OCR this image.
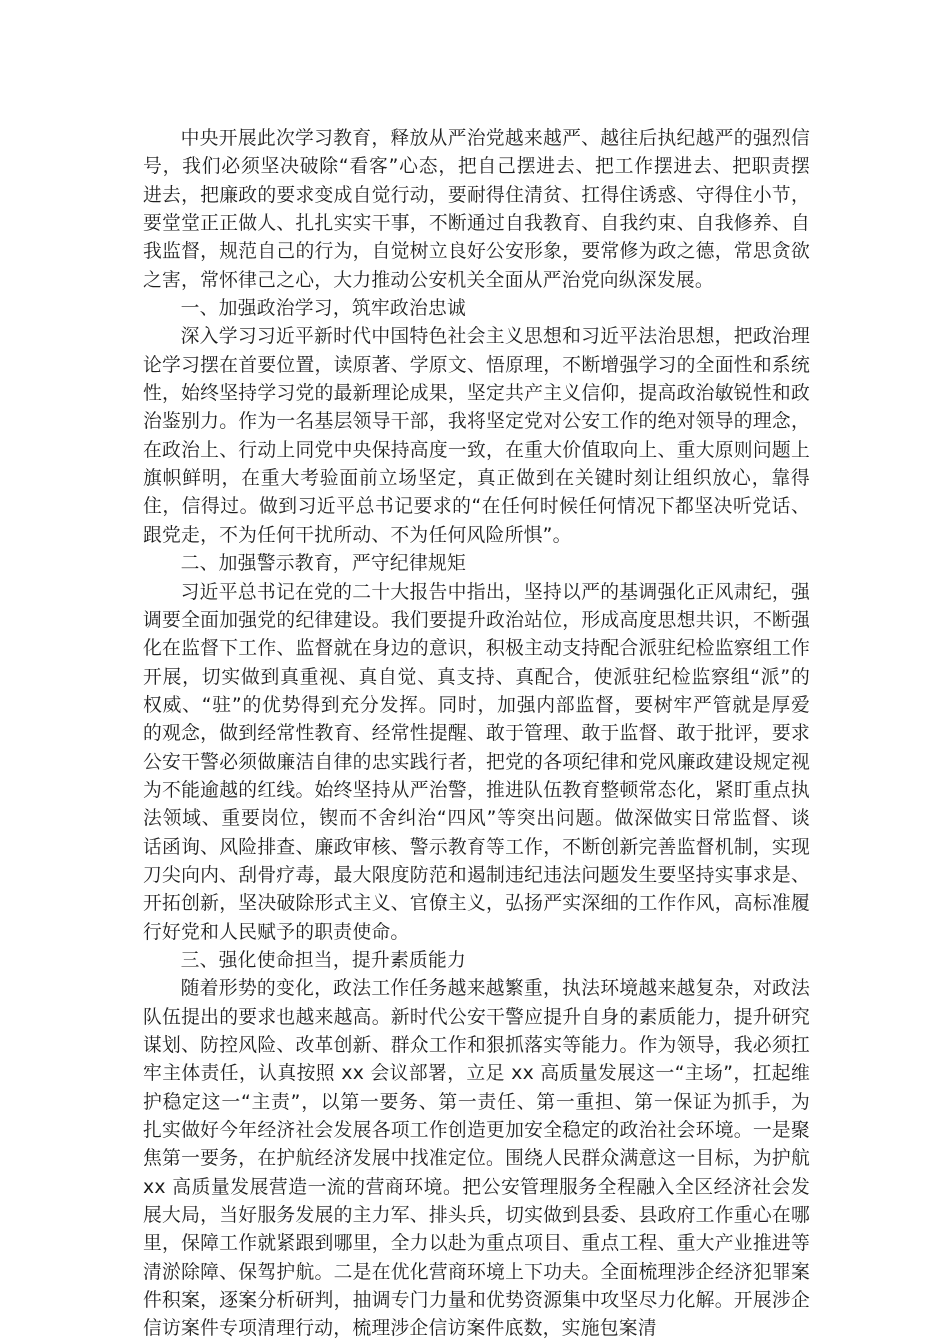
中央开展此次学习教育，释放从严治党越来越严、越往后执纪越严的强烈信号，我们必须坚决破除“看客”心态，把自己摆进去、把工作摆进去、把职责摆进去，把廉政的要求变成自觉行动，要耐得住清贫、扛得住诱惑、守得住小节，要堂堂正正做人、扎扎实实干事，不断通过自我教育、自我约束、自我修养、自我监督，规范自己的行为，自觉树立良好公安形象，要常修为政之德，常思贪欲之害，常怀律己之心，大力推动公安机关全面从严治党向纵深发展。

一、加强政治学习，筑牢政治忠诚

深入学习习近平新时代中国特色社会主义思想和习近平法治思想，把政治理论学习摆在首要位置，读原著、学原文、悟原理，不断增强学习的全面性和系统性，始终坚持学习党的最新理论成果，坚定共产主义信仰，提高政治敏锐性和政治鉴别力。作为一名基层领导干部，我将坚定党对公安工作的绝对领导的理念，在政治上、行动上同党中央保持高度一致，在重大价值取向上、重大原则问题上旗帜鲜明，在重大考验面前立场坚定，真正做到在关键时刻让组织放心，靠得住，信得过。做到习近平总书记要求的“在任何时候任何情况下都坚决听党话、跟党走，不为任何干扰所动、不为任何风险所惧”。

二、加强警示教育，严守纪律规矩

习近平总书记在党的二十大报告中指出，坚持以严的基调强化正风肃纪，强调要全面加强党的纪律建设。我们要提升政治站位，形成高度思想共识，不断强化在监督下工作、监督就在身边的意识，积极主动支持配合派驻纪检监察组工作开展，切实做到真重视、真自觉、真支持、真配合，使派驻纪检监察组“派”的权威、“驻”的优势得到充分发挥。同时，加强内部监督，要树牢严管就是厚爱的观念，做到经常性教育、经常性提醒、敢于管理、敢于监督、敢于批评，要求公安干警必须做廉洁自律的忠实践行者，把党的各项纪律和党风廉政建设规定视为不能逾越的红线。始终坚持从严治警，推进队伍教育整顿常态化，紧盯重点执法领域、重要岗位，锲而不舍纠治“四风”等突出问题。做深做实日常监督、谈话函询、风险排查、廉政审核、警示教育等工作，不断创新完善监督机制，实现刀尖向内、刮骨疗毒，最大限度防范和遏制违纪违法问题发生要坚持实事求是、开拓创新，坚决破除形式主义、官僚主义，弘扬严实深细的工作作风，高标准履行好党和人民赋予的职责使命。

三、强化使命担当，提升素质能力

随着形势的变化，政法工作任务越来越繁重，执法环境越来越复杂，对政法队伍提出的要求也越来越高。新时代公安干警应提升自身的素质能力，提升研究谋划、防控风险、改革创新、群众工作和狠抓落实等能力。作为领导，我必须扛牢主体责任，认真按照 xx 会议部署，立足 xx 高质量发展这一“主场”，扛起维护稳定这一“主责”，以第一要务、第一责任、第一重担、第一保证为抓手，为扎实做好今年经济社会发展各项工作创造更加安全稳定的政治社会环境。一是聚焦第一要务，在护航经济发展中找准定位。围绕人民群众满意这一目标，为护航 xx 高质量发展营造一流的营商环境。把公安管理服务全程融入全区经济社会发展大局，当好服务发展的主力军、排头兵，切实做到县委、县政府工作重心在哪里，保障工作就紧跟到哪里，全力以赴为重点项目、重点工程、重大产业推进等清淤除障、保驾护航。二是在优化营商环境上下功夫。全面梳理涉企经济犯罪案件积案，逐案分析研判，抽调专门力量和优势资源集中攻坚尽力化解。开展涉企信访案件专项清理行动，梳理涉企信访案件底数，实施包案清
